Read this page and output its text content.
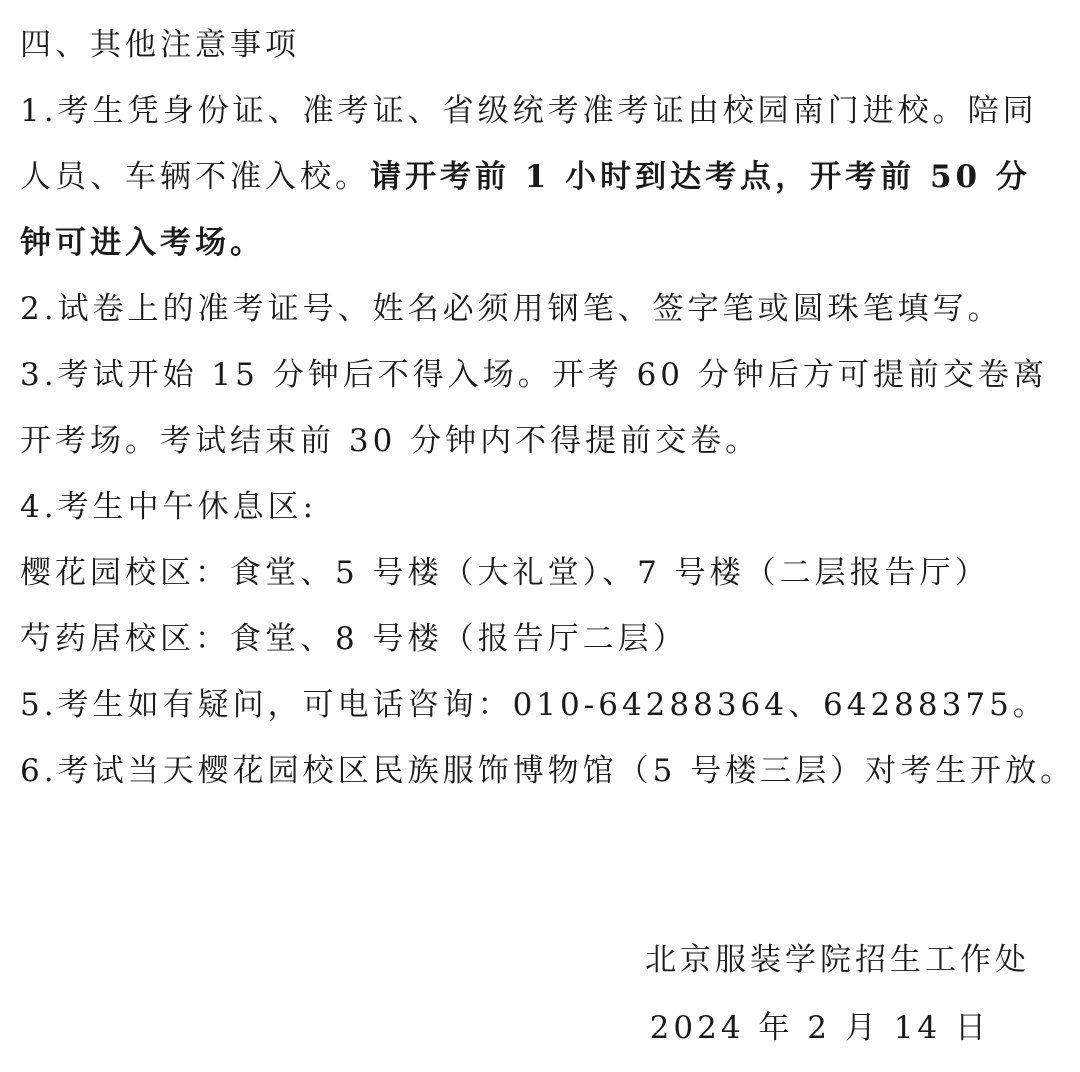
四、其他注意事项

1.考生凭身份证、准考证、省级统考准考证由校园南门进校。陪同人员、车辆不准入校。请开考前 1 小时到达考点，开考前 50 分钟可进入考场。

2.试卷上的准考证号、姓名必须用钢笔、签字笔或圆珠笔填写。

3.考试开始 15 分钟后不得入场。开考 60 分钟后方可提前交卷离开考场。考试结束前 30 分钟内不得提前交卷。

4.考生中午休息区:

樱花园校区：食堂、5 号楼（大礼堂）、7 号楼（二层报告厅）

芍药居校区：食堂、8 号楼（报告厅二层）

5.考生如有疑问，可电话咨询：010-64288364、64288375。

6.考试当天樱花园校区民族服饰博物馆（5 号楼三层）对考生开放。

北京服装学院招生工作处

2024 年 2 月 14 日
